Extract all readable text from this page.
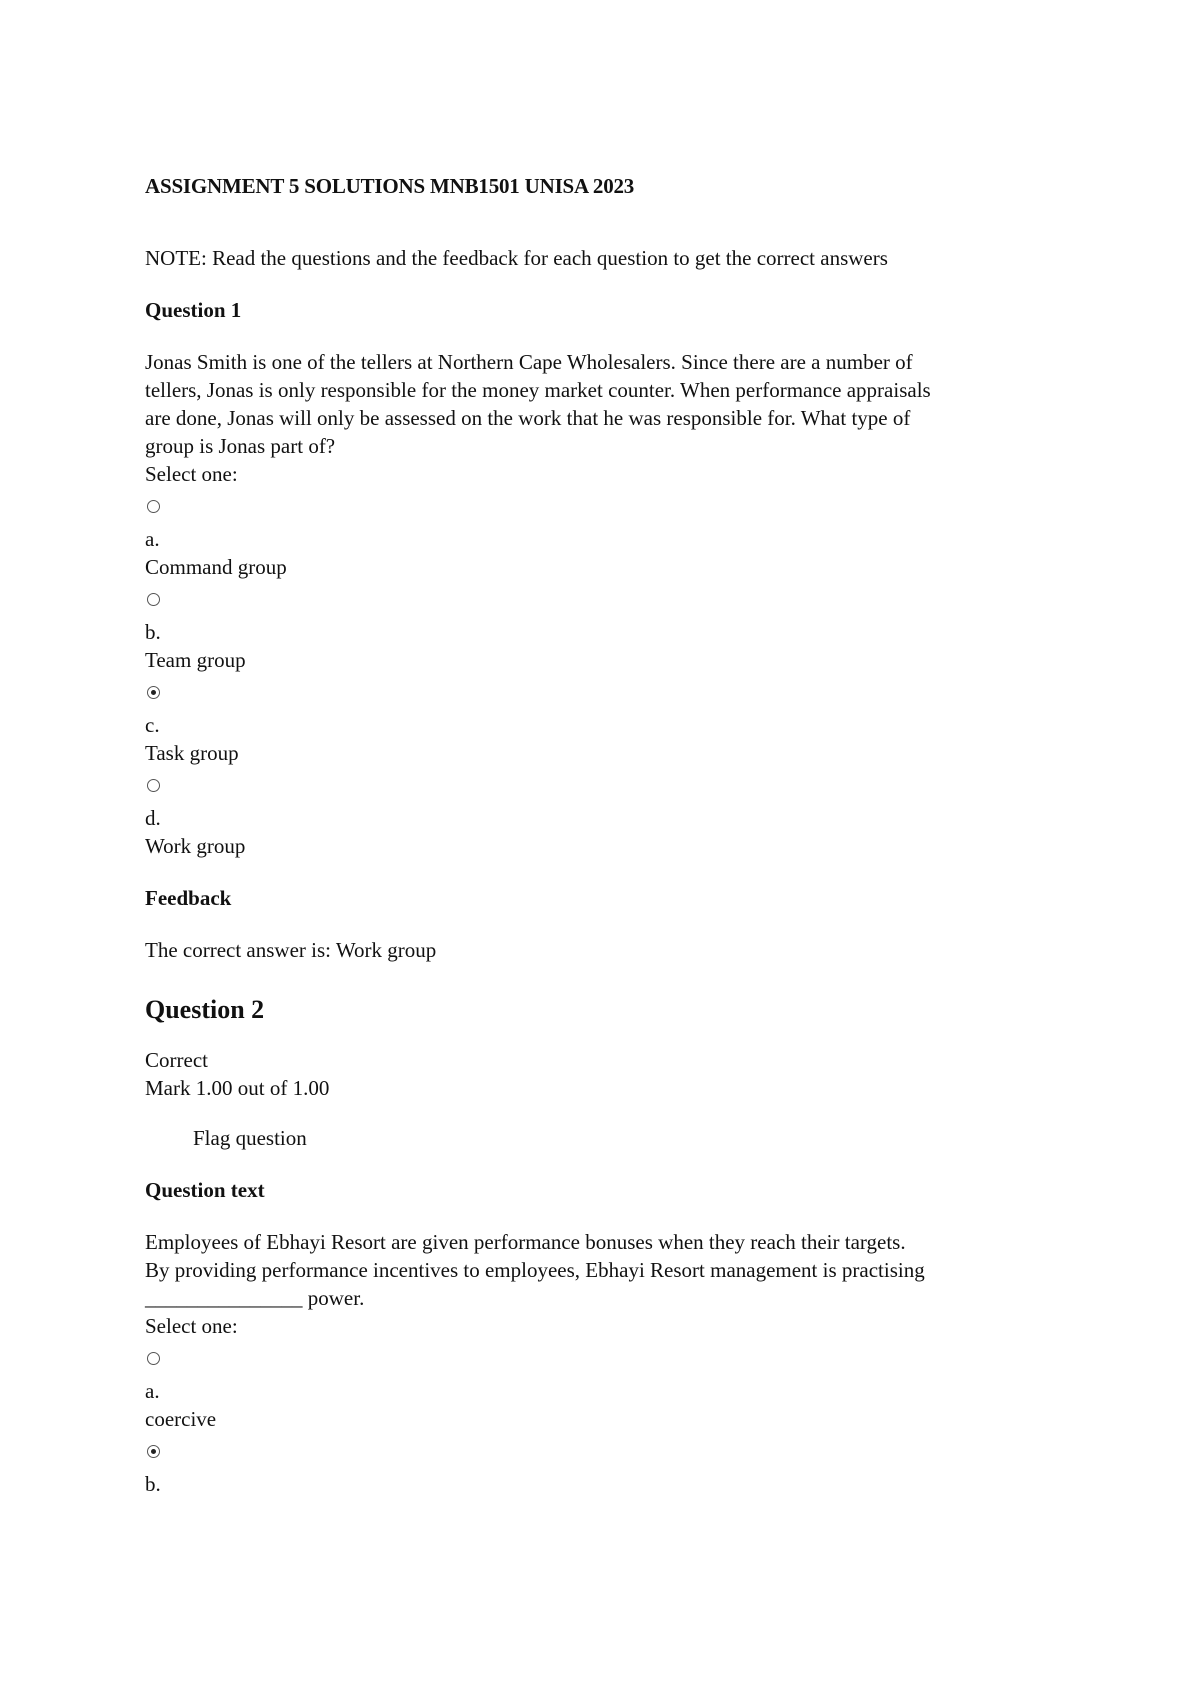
ASSIGNMENT 5 SOLUTIONS MNB1501 UNISA 2023
NOTE: Read the questions and the feedback for each question to get the correct answers
Question 1
Jonas Smith is one of the tellers at Northern Cape Wholesalers. Since there are a number of
tellers, Jonas is only responsible for the money market counter. When performance appraisals
are done, Jonas will only be assessed on the work that he was responsible for. What type of
group is Jonas part of?
Select one:
a.
Command group
b.
Team group
c.
Task group
d.
Work group
Feedback
The correct answer is: Work group
Question 2
Correct
Mark 1.00 out of 1.00
Flag question
Question text
Employees of Ebhayi Resort are given performance bonuses when they reach their targets.
By providing performance incentives to employees, Ebhayi Resort management is practising
_______________ power.
Select one:
a.
coercive
b.
